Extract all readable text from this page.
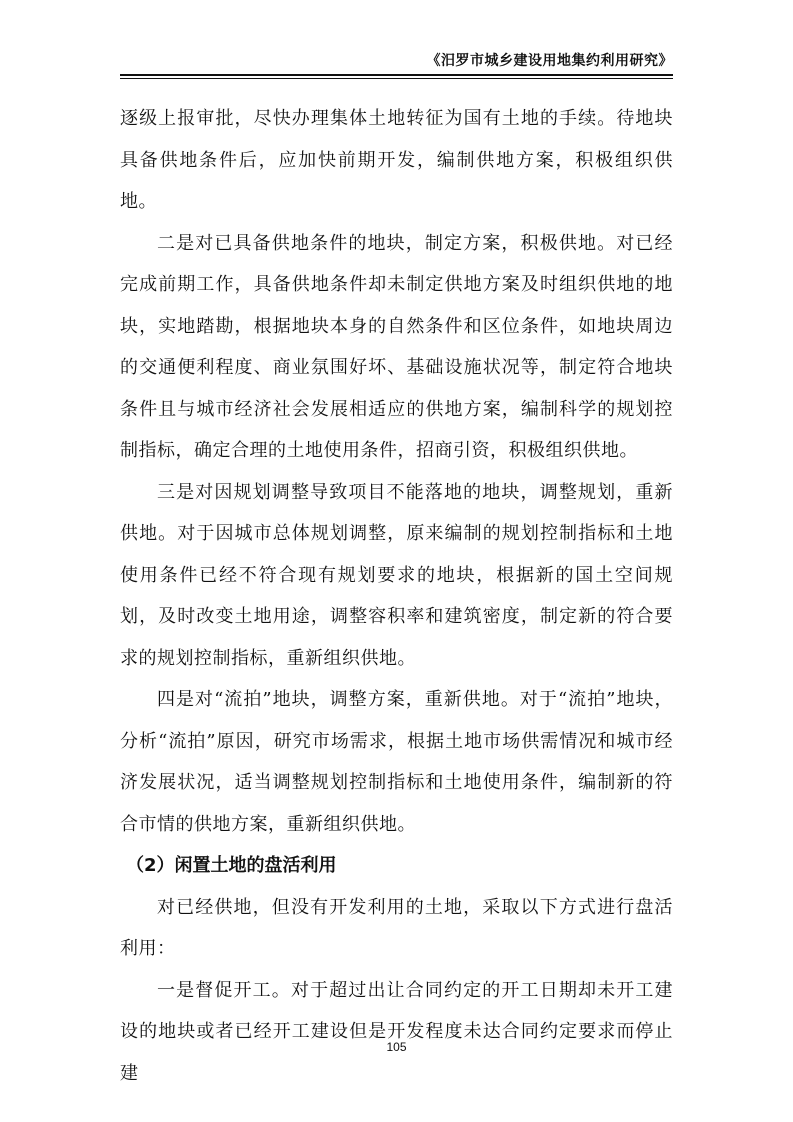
《汨罗市城乡建设用地集约利用研究》

逐级上报审批，尽快办理集体土地转征为国有土地的手续。待地块具备供地条件后，应加快前期开发，编制供地方案，积极组织供地。

二是对已具备供地条件的地块，制定方案，积极供地。对已经完成前期工作，具备供地条件却未制定供地方案及时组织供地的地块，实地踏勘，根据地块本身的自然条件和区位条件，如地块周边的交通便利程度、商业氛围好坏、基础设施状况等，制定符合地块条件且与城市经济社会发展相适应的供地方案，编制科学的规划控制指标，确定合理的土地使用条件，招商引资，积极组织供地。

三是对因规划调整导致项目不能落地的地块，调整规划，重新供地。对于因城市总体规划调整，原来编制的规划控制指标和土地使用条件已经不符合现有规划要求的地块，根据新的国土空间规划，及时改变土地用途，调整容积率和建筑密度，制定新的符合要求的规划控制指标，重新组织供地。

四是对“流拍”地块，调整方案，重新供地。对于“流拍”地块，分析“流拍”原因，研究市场需求，根据土地市场供需情况和城市经济发展状况，适当调整规划控制指标和土地使用条件，编制新的符合市情的供地方案，重新组织供地。

（2）闲置土地的盘活利用

对已经供地，但没有开发利用的土地，采取以下方式进行盘活利用：

一是督促开工。对于超过出让合同约定的开工日期却未开工建设的地块或者已经开工建设但是开发程度未达合同约定要求而停止建

105
